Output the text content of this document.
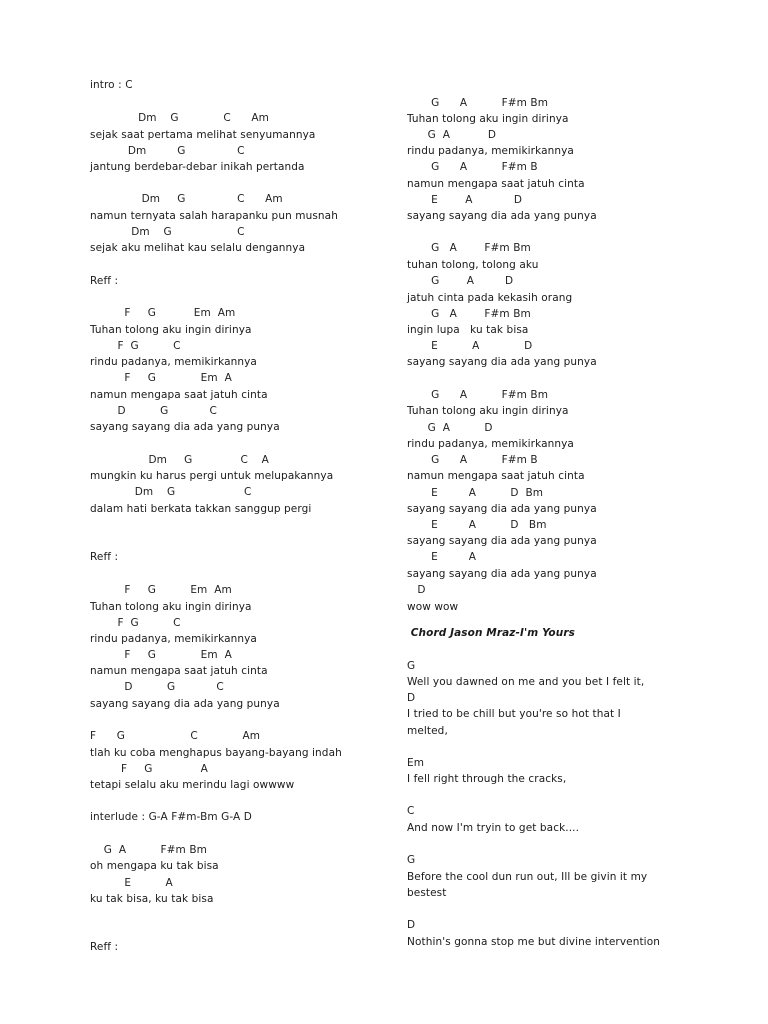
intro : C
Dm    G             C      Am
sejak saat pertama melihat senyumannya
Dm         G               C
jantung berdebar-debar inikah pertanda
Dm     G               C      Am
namun ternyata salah harapanku pun musnah
Dm    G                   C
sejak aku melihat kau selalu dengannya
Reff :
F     G           Em  Am
Tuhan tolong aku ingin dirinya
F  G          C
rindu padanya, memikirkannya
F     G             Em  A
namun mengapa saat jatuh cinta
D          G            C
sayang sayang dia ada yang punya
Dm     G              C    A
mungkin ku harus pergi untuk melupakannya
Dm    G                    C
dalam hati berkata takkan sanggup pergi
Reff :
F     G          Em  Am
Tuhan tolong aku ingin dirinya
F  G          C
rindu padanya, memikirkannya
F     G             Em  A
namun mengapa saat jatuh cinta
D          G            C
sayang sayang dia ada yang punya
F      G                   C             Am
tlah ku coba menghapus bayang-bayang indah
F     G              A
tetapi selalu aku merindu lagi owwww
interlude : G-A F#m-Bm G-A D
G  A          F#m Bm
oh mengapa ku tak bisa
E          A
ku tak bisa, ku tak bisa
Reff :
G      A          F#m Bm
Tuhan tolong aku ingin dirinya
G  A           D
rindu padanya, memikirkannya
G      A          F#m B
namun mengapa saat jatuh cinta
E        A            D
sayang sayang dia ada yang punya
G   A        F#m Bm
tuhan tolong, tolong aku
G        A         D
jatuh cinta pada kekasih orang
G   A        F#m Bm
ingin lupa   ku tak bisa
E          A             D
sayang sayang dia ada yang punya
G      A          F#m Bm
Tuhan tolong aku ingin dirinya
G  A          D
rindu padanya, memikirkannya
G      A          F#m B
namun mengapa saat jatuh cinta
E         A          D  Bm
sayang sayang dia ada yang punya
E         A          D   Bm
sayang sayang dia ada yang punya
E         A
sayang sayang dia ada yang punya
D
wow wow
Chord Jason Mraz-I'm Yours
G
Well you dawned on me and you bet I felt it,
D
I tried to be chill but you're so hot that I
melted,
Em
I fell right through the cracks,
C
And now I'm tryin to get back....
G
Before the cool dun run out, Ill be givin it my
bestest
D
Nothin's gonna stop me but divine intervention
